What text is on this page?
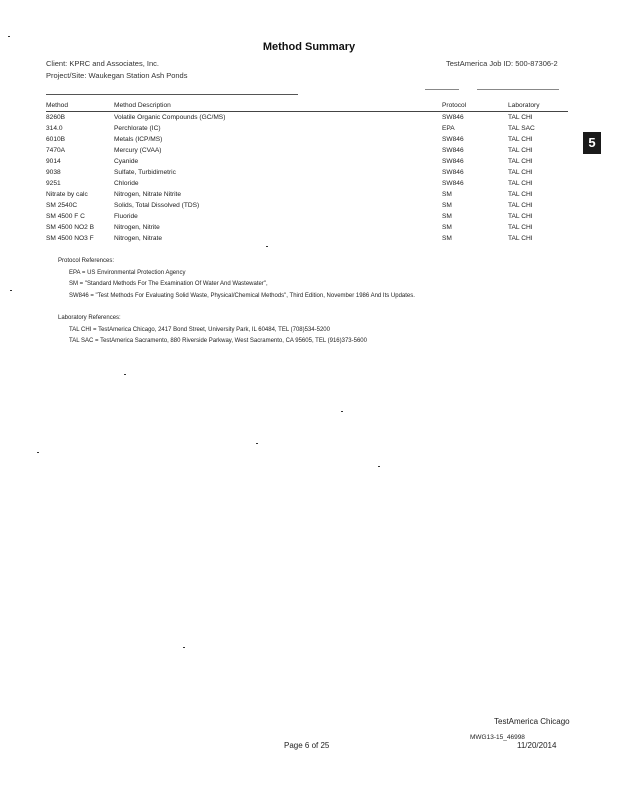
Method Summary
Client: KPRC and Associates, Inc.
Project/Site: Waukegan Station Ash Ponds
TestAmerica Job ID: 500-87306-2
5
Method	Method Description	Protocol	Laboratory
8260B	Volatile Organic Compounds (GC/MS)	SW846	TAL CHI
314.0	Perchlorate (IC)	EPA	TAL SAC
6010B	Metals (ICP/MS)	SW846	TAL CHI
7470A	Mercury (CVAA)	SW846	TAL CHI
9014	Cyanide	SW846	TAL CHI
9038	Sulfate, Turbidimetric	SW846	TAL CHI
9251	Chloride	SW846	TAL CHI
Nitrate by calc	Nitrogen, Nitrate Nitrite	SM	TAL CHI
SM 2540C	Solids, Total Dissolved (TDS)	SM	TAL CHI
SM 4500 F C	Fluoride	SM	TAL CHI
SM 4500 NO2 B	Nitrogen, Nitrite	SM	TAL CHI
SM 4500 NO3 F	Nitrogen, Nitrate	SM	TAL CHI
Protocol References:
EPA = US Environmental Protection Agency
SM = "Standard Methods For The Examination Of Water And Wastewater",
SW846 = "Test Methods For Evaluating Solid Waste, Physical/Chemical Methods", Third Edition, November 1986 And Its Updates.
Laboratory References:
TAL CHI = TestAmerica Chicago, 2417 Bond Street, University Park, IL 60484, TEL (708)534-5200
TAL SAC = TestAmerica Sacramento, 880 Riverside Parkway, West Sacramento, CA 95605, TEL (916)373-5600
TestAmerica Chicago
MWG13-15_46998
Page 6 of 25	11/20/2014
